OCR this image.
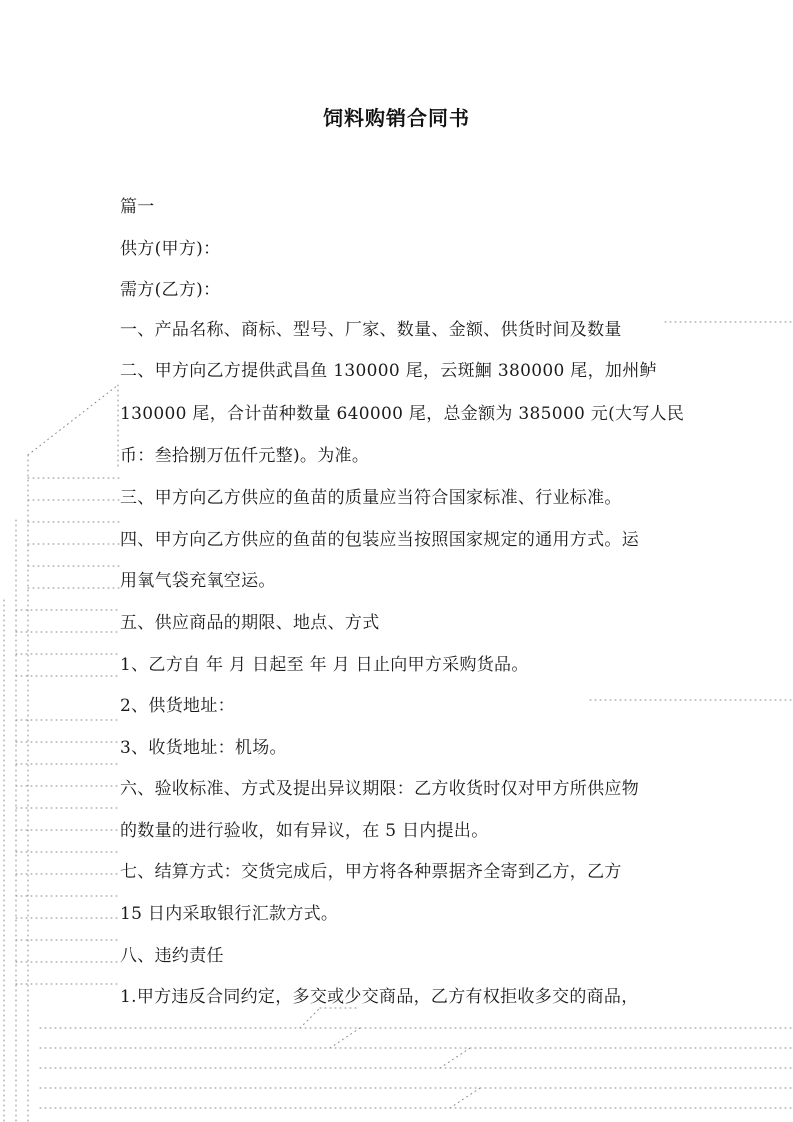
饲料购销合同书
篇一
供方(甲方)：
需方(乙方)：
一、产品名称、商标、型号、厂家、数量、金额、供货时间及数量
二、甲方向乙方提供武昌鱼 130000 尾，云斑鮰 380000 尾，加州鲈
130000 尾，合计苗种数量 640000 尾，总金额为 385000 元(大写人民
币：叁拾捌万伍仟元整)。为准。
三、甲方向乙方供应的鱼苗的质量应当符合国家标准、行业标准。
四、甲方向乙方供应的鱼苗的包装应当按照国家规定的通用方式。运
用氧气袋充氧空运。
五、供应商品的期限、地点、方式
1、乙方自 年 月 日起至 年 月 日止向甲方采购货品。
2、供货地址：
3、收货地址：机场。
六、验收标准、方式及提出异议期限：乙方收货时仅对甲方所供应物
的数量的进行验收，如有异议，在 5 日内提出。
七、结算方式：交货完成后，甲方将各种票据齐全寄到乙方，乙方
15 日内采取银行汇款方式。
八、违约责任
1.甲方违反合同约定，多交或少交商品，乙方有权拒收多交的商品，
